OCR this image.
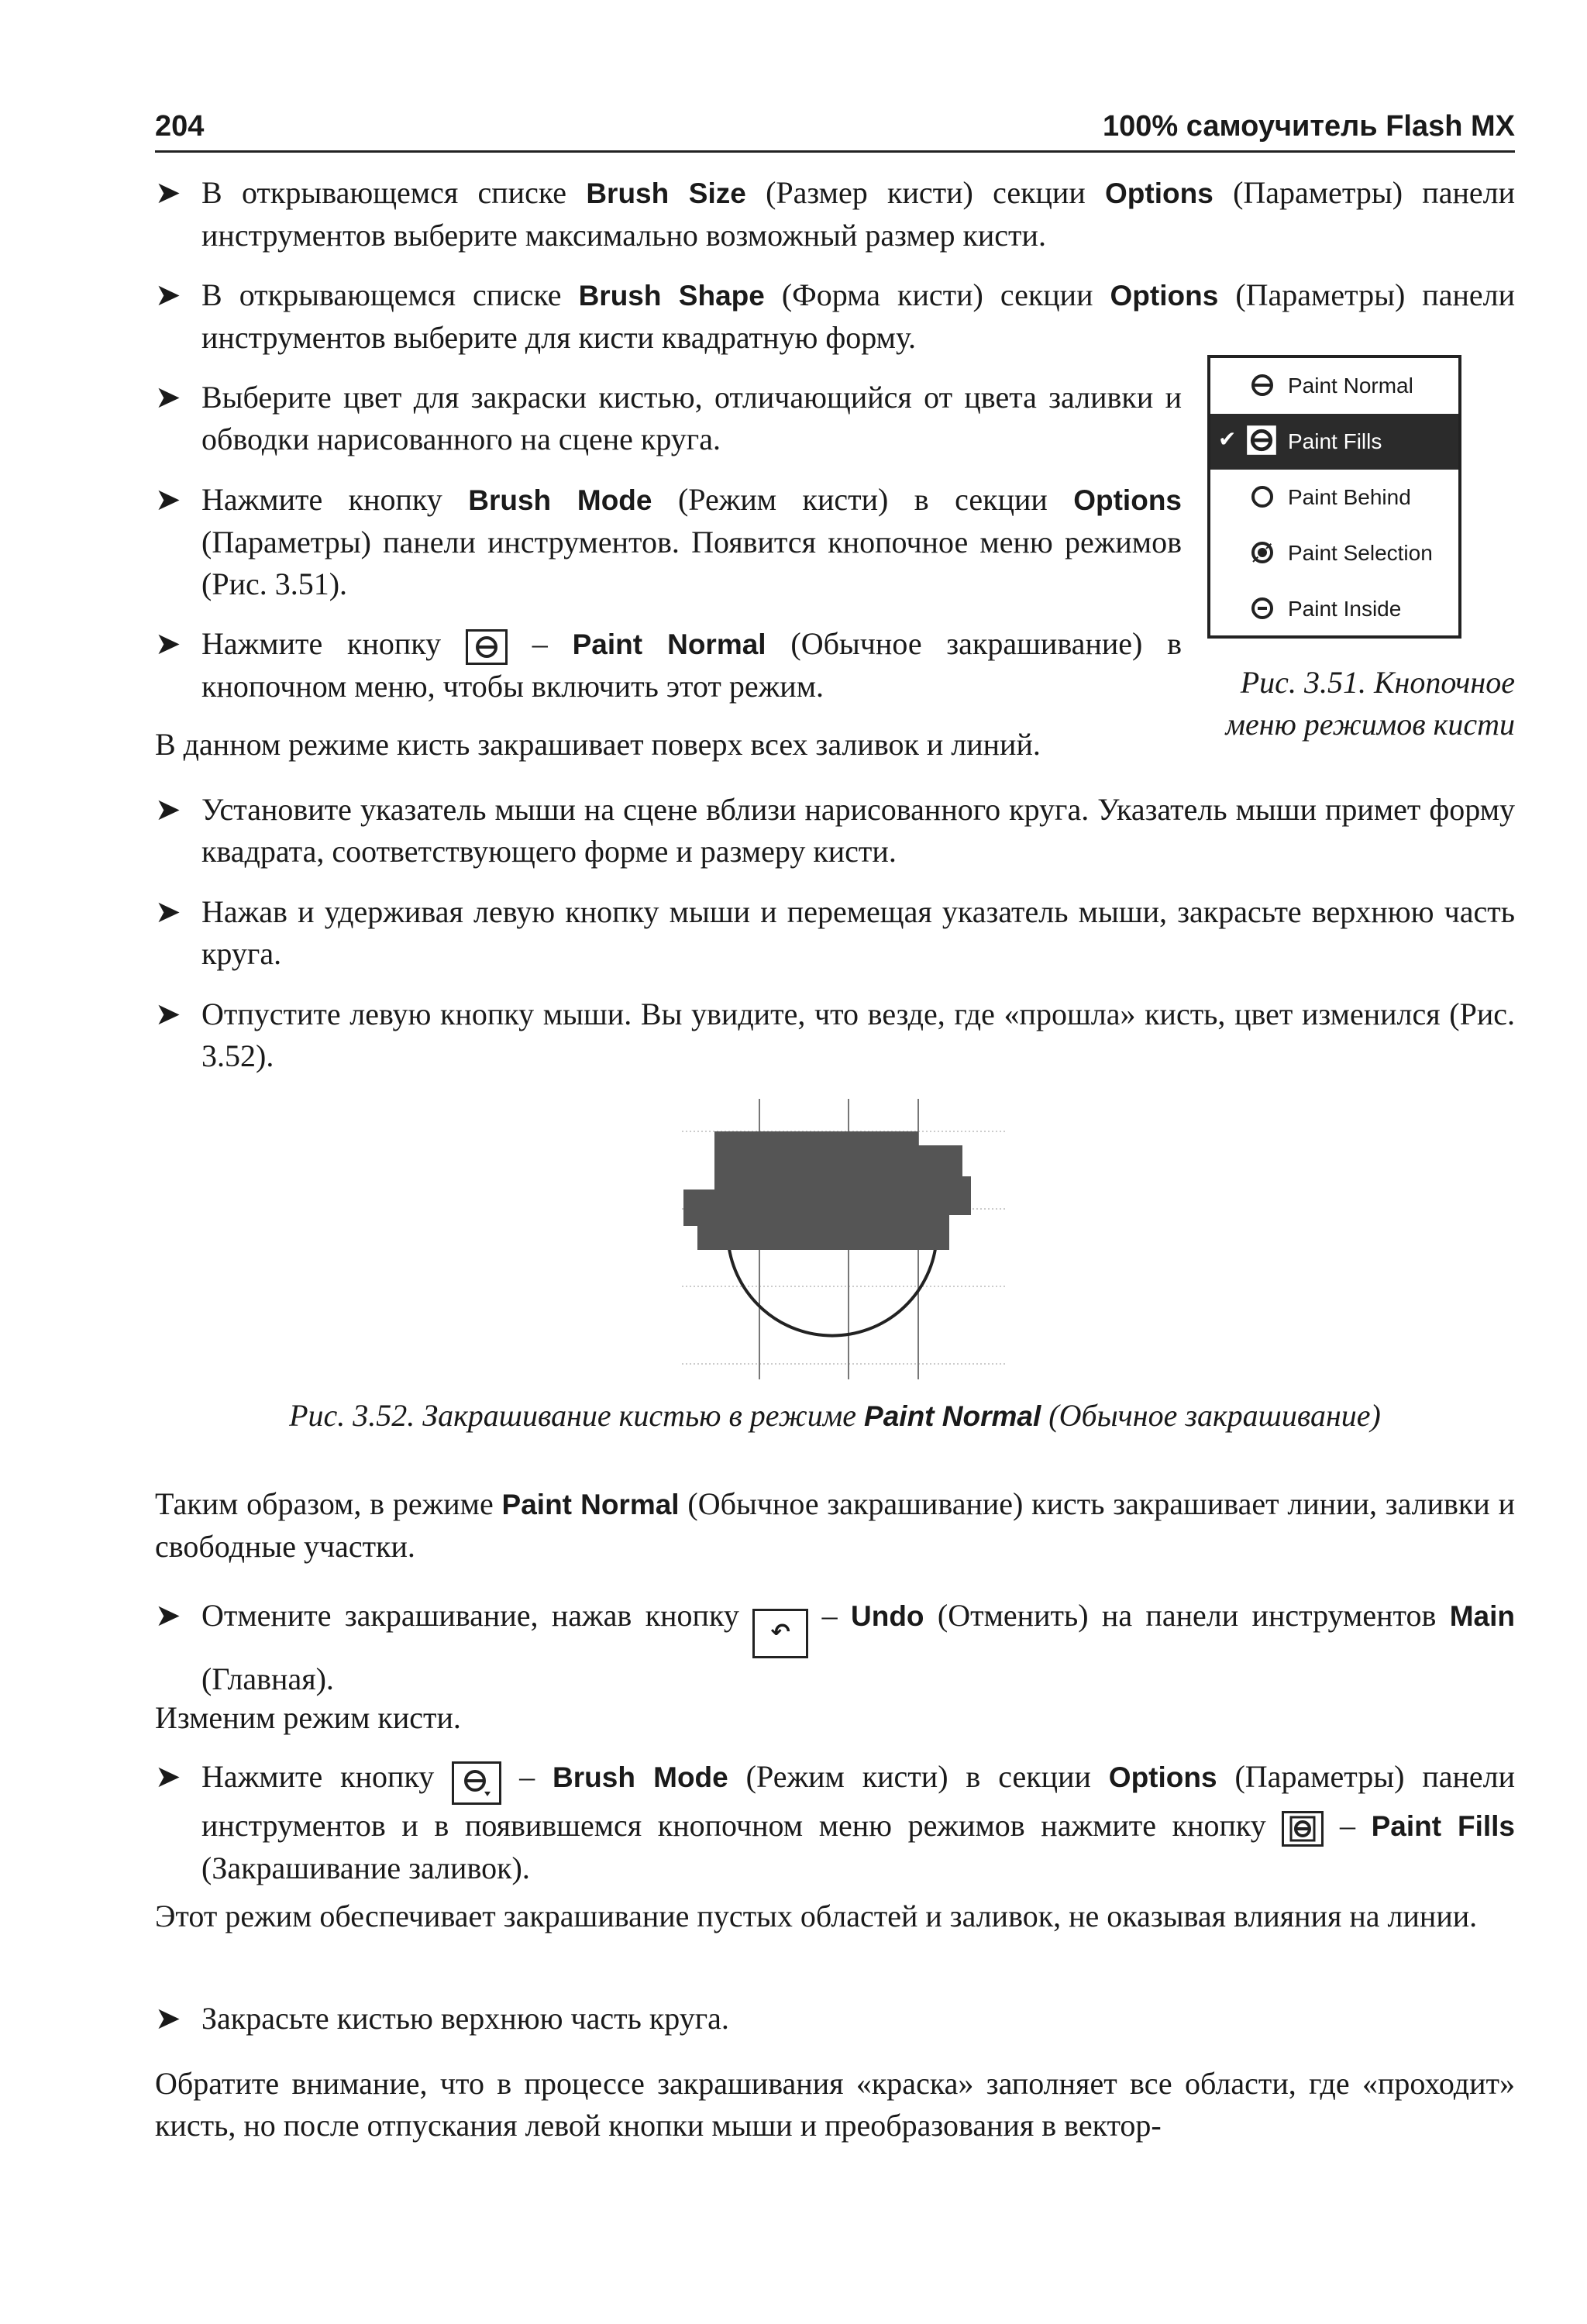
204	100% самоучитель Flash MX
➤ В открывающемся списке Brush Size (Размер кисти) секции Options (Параметры) панели инструментов выберите максимально возможный размер кисти.

➤ В открывающемся списке Brush Shape (Форма кисти) секции Options (Параметры) панели инструментов выберите для кисти квадратную форму.

➤ Выберите цвет для закраски кистью, отличающийся от цвета заливки и обводки нарисованного на сцене круга.

➤ Нажмите кнопку Brush Mode (Режим кисти) в секции Options (Параметры) панели инструментов. Появится кнопочное меню режимов (Рис. 3.51).

➤ Нажмите кнопку  – Paint Normal (Обычное закрашивание) в кнопочном меню, чтобы включить этот режим.

В данном режиме кисть закрашивает поверх всех заливок и линий.

Paint Normal
✔ Paint Fills
Paint Behind
Paint Selection
Paint Inside
Рис. 3.51. Кнопочное меню режимов кисти
➤ Установите указатель мыши на сцене вблизи нарисованного круга. Указатель мыши примет форму квадрата, соответствующего форме и размеру кисти.

➤ Нажав и удерживая левую кнопку мыши и перемещая указатель мыши, закрасьте верхнюю часть круга.

➤ Отпустите левую кнопку мыши. Вы увидите, что везде, где «прошла» кисть, цвет изменился (Рис. 3.52).

Рис. 3.52. Закрашивание кистью в режиме Paint Normal (Обычное закрашивание)

Таким образом, в режиме Paint Normal (Обычное закрашивание) кисть закрашивает линии, заливки и свободные участки.

➤ Отмените закрашивание, нажав кнопку ↶ – Undo (Отменить) на панели инструментов Main (Главная).

Изменим режим кисти.

➤ Нажмите кнопку  – Brush Mode (Режим кисти) в секции Options (Параметры) панели инструментов и в появившемся кнопочном меню режимов нажмите кнопку  – Paint Fills (Закрашивание заливок).

Этот режим обеспечивает закрашивание пустых областей и заливок, не оказывая влияния на линии.

➤ Закрасьте кистью верхнюю часть круга.

Обратите внимание, что в процессе закрашивания «краска» заполняет все области, где «проходит» кисть, но после отпускания левой кнопки мыши и преобразования в вектор-
